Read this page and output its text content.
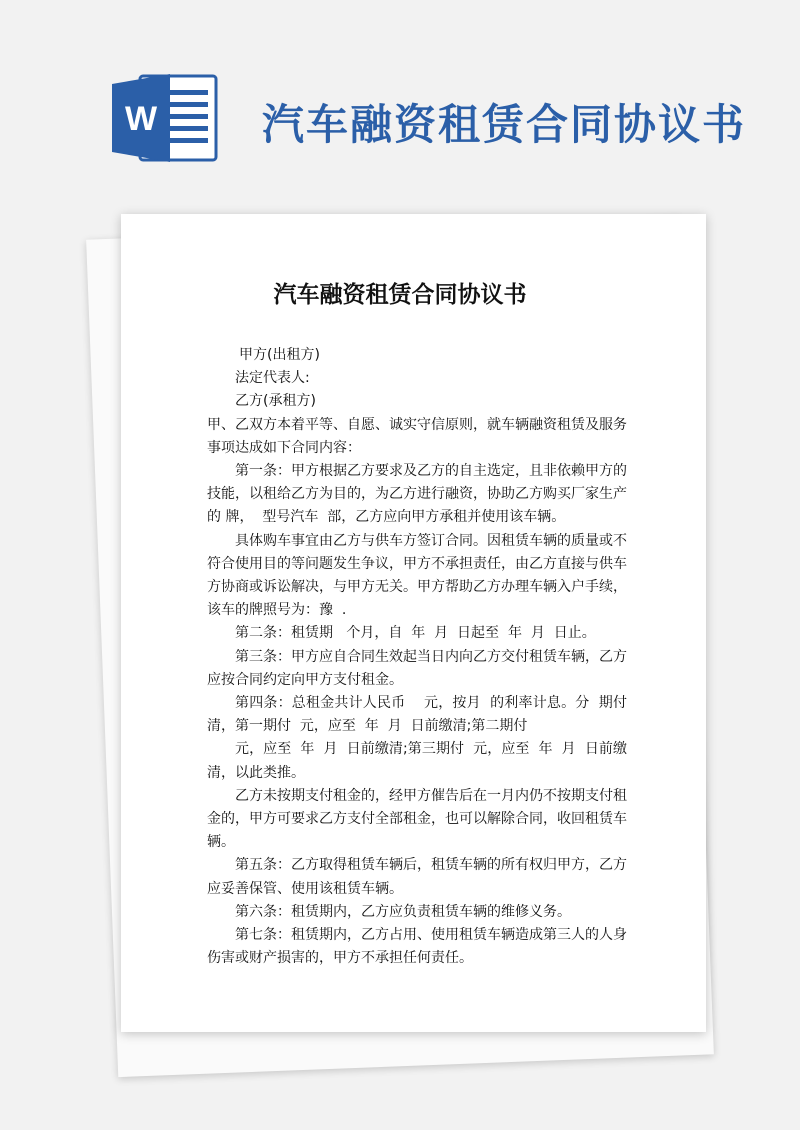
W 汽车融资租赁合同协议书
汽车融资租赁合同协议书

甲方(出租方)

法定代表人:

乙方(承租方)

甲、乙双方本着平等、自愿、诚实守信原则，就车辆融资租赁及服务事项达成如下合同内容：

第一条：甲方根据乙方要求及乙方的自主选定，且非依赖甲方的技能，以租给乙方为目的，为乙方进行融资，协助乙方购买厂家生产的 牌，  型号汽车  部，乙方应向甲方承租并使用该车辆。

具体购车事宜由乙方与供车方签订合同。因租赁车辆的质量或不符合使用目的等问题发生争议，甲方不承担责任，由乙方直接与供车方协商或诉讼解决，与甲方无关。甲方帮助乙方办理车辆入户手续，该车的牌照号为：豫  .

第二条：租赁期   个月，自  年  月  日起至  年  月  日止。

第三条：甲方应自合同生效起当日内向乙方交付租赁车辆，乙方应按合同约定向甲方支付租金。

第四条：总租金共计人民币    元，按月  的利率计息。分  期付清，第一期付  元，应至  年  月  日前缴清;第二期付

元，应至  年  月  日前缴清;第三期付  元，应至  年  月  日前缴清，以此类推。

乙方未按期支付租金的，经甲方催告后在一月内仍不按期支付租金的，甲方可要求乙方支付全部租金，也可以解除合同，收回租赁车辆。

第五条：乙方取得租赁车辆后，租赁车辆的所有权归甲方，乙方应妥善保管、使用该租赁车辆。

第六条：租赁期内，乙方应负责租赁车辆的维修义务。

第七条：租赁期内，乙方占用、使用租赁车辆造成第三人的人身伤害或财产损害的，甲方不承担任何责任。
